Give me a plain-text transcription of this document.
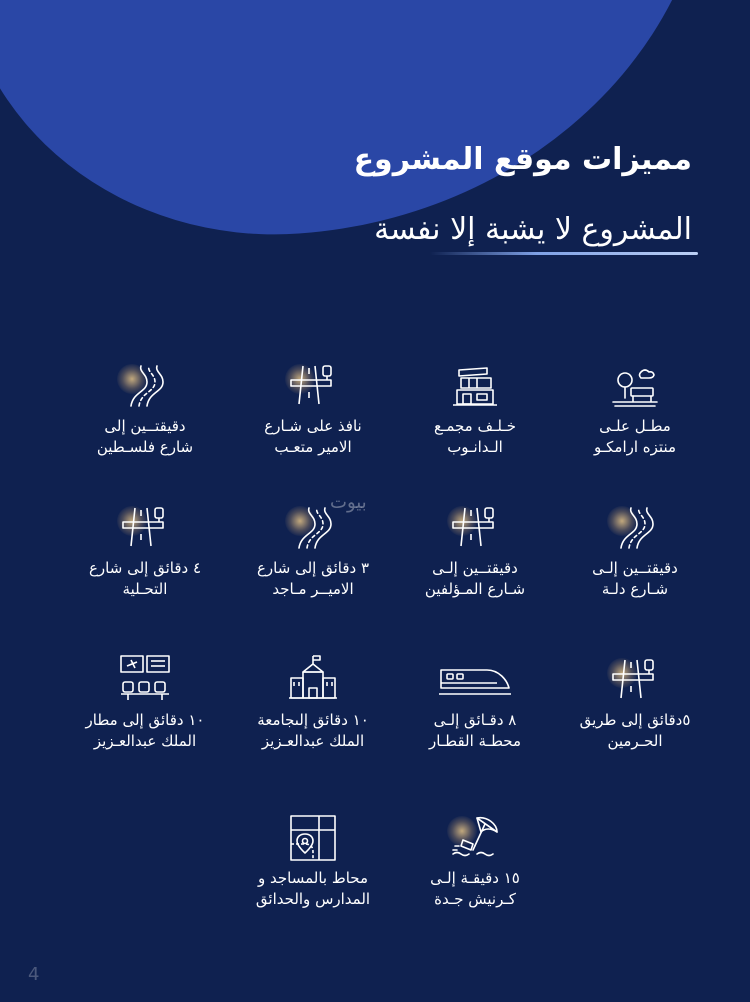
مميزات موقع المشروع
المشروع لا يشبة إلا نفسة
بيوت
مطـل علـى
منتزه ارامكـو
خـلـف مجمـع
الـدانـوب
نافذ على شـارع
الامير متعـب
دقيقتــين إلى
شارع فلسـطين
دقيقتــين إلـى
شـارع دلـة
دقيقتــين إلـى
شـارع المـؤلفين
٣ دقائق إلى شارع
الاميــر مـاجد
٤ دقائق إلى شارع
التحـلية
٥دقائق إلى طريق
الحـرمين
٨ دقـائق إلـى
محطـة القطـار
١٠ دقائق إلىجامعة
الملك عبدالعـزيز
١٠ دقائق إلى مطار
الملك عبدالعـزيز
١٥ دقيقـة إلـى
كـرنيش جـدة
محاط بالمساجد و
المدارس والحدائق
4
